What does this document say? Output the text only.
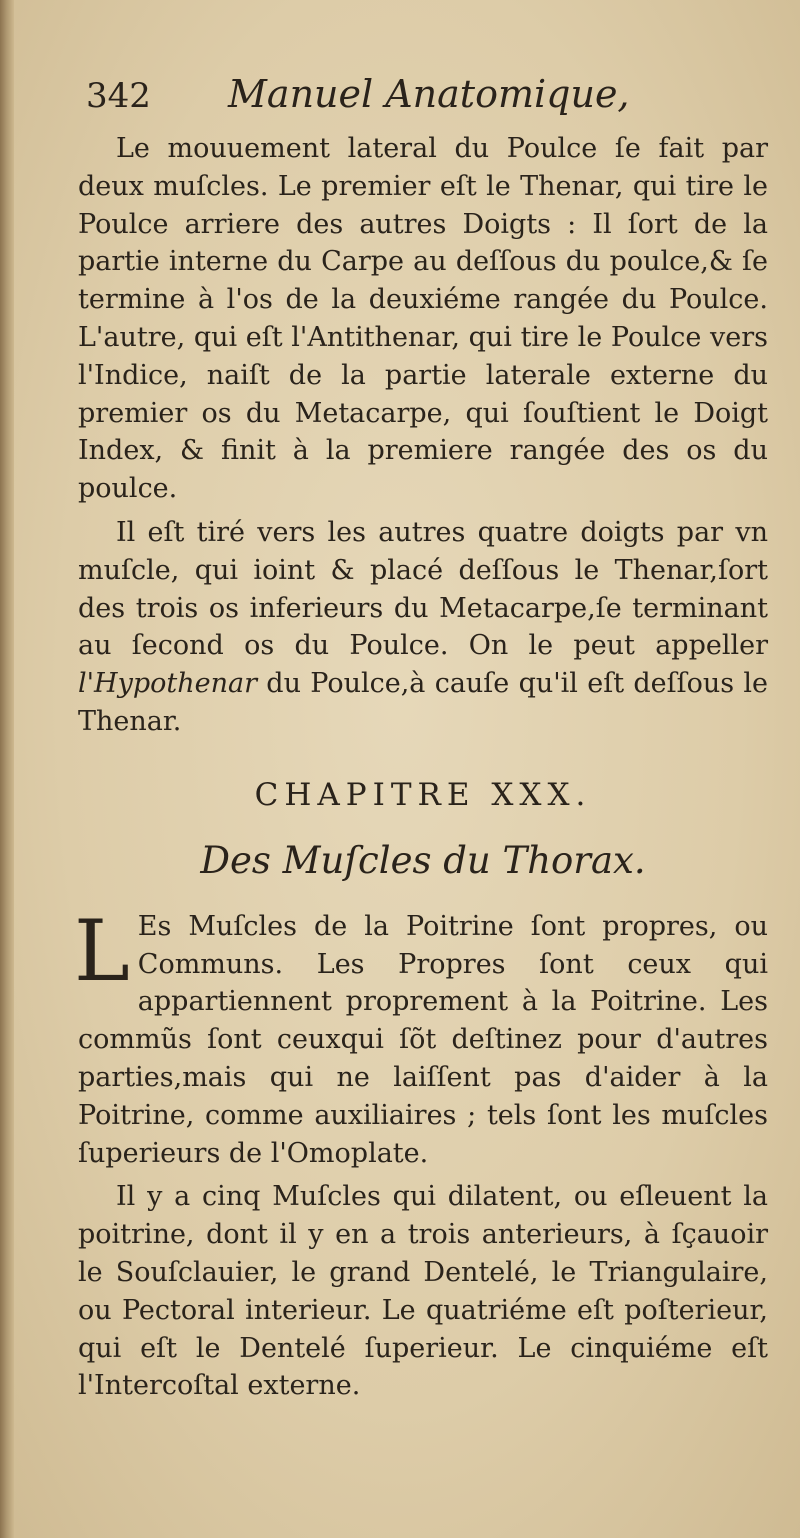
342 Manuel Anatomique,

Le mouuement lateral du Poulce ſe fait par deux muſcles. Le premier eſt le Thenar, qui tire le Poulce arriere des autres Doigts : Il ſort de la partie interne du Carpe au deſſous du poulce,& ſe termine à l'os de la deuxiéme rangée du Poulce. L'autre, qui eſt l'Antithenar, qui tire le Poulce vers l'Indice, naiſt de la partie laterale externe du premier os du Metacarpe, qui ſouſtient le Doigt Index, & finit à la premiere rangée des os du poulce.

Il eſt tiré vers les autres quatre doigts par vn muſcle, qui ioint & placé deſſous le Thenar,ſort des trois os inferieurs du Metacarpe,ſe terminant au ſecond os du Poulce. On le peut appeller l'Hypothenar du Poulce,à cauſe qu'il eſt deſſous le Thenar.

CHAPITRE XXX.
Des Muſcles du Thorax.

L Es Muſcles de la Poitrine ſont propres, ou Communs. Les Propres ſont ceux qui appartiennent proprement à la Poitrine. Les commũs ſont ceuxqui ſõt deſtinez pour d'autres parties,mais qui ne laiſſent pas d'aider à la Poitrine, comme auxiliaires ; tels ſont les muſcles ſuperieurs de l'Omoplate.

Il y a cinq Muſcles qui dilatent, ou eſleuent la poitrine, dont il y en a trois anterieurs, à ſçauoir le Souſclauier, le grand Dentelé, le Triangulaire, ou Pectoral interieur. Le quatriéme eſt poſterieur, qui eſt le Dentelé ſuperieur. Le cinquiéme eſt l'Intercoſtal externe.
